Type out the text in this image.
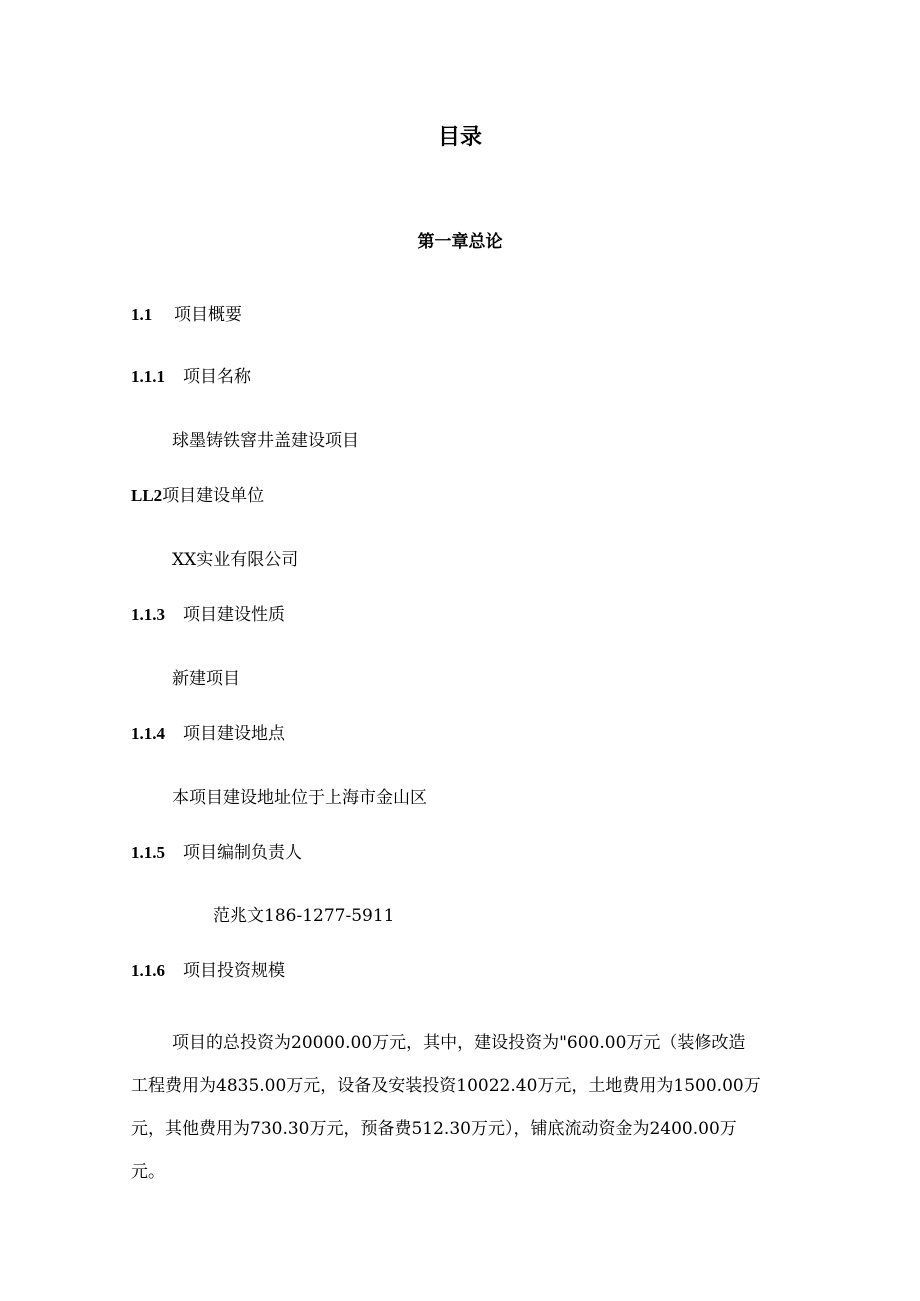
目录
第一章总论
1.1 项目概要
1.1.1 项目名称
球墨铸铁窨井盖建设项目
LL2项目建设单位
XX实业有限公司
1.1.3 项目建设性质
新建项目
1.1.4 项目建设地点
本项目建设地址位于上海市金山区
1.1.5 项目编制负责人
范兆文186-1277-5911
1.1.6 项目投资规模
项目的总投资为20000.00万元，其中，建设投资为"600.00万元（装修改造
工程费用为4835.00万元，设备及安装投资10022.40万元，土地费用为1500.00万
元，其他费用为730.30万元，预备费512.30万元），铺底流动资金为2400.00万
元。
